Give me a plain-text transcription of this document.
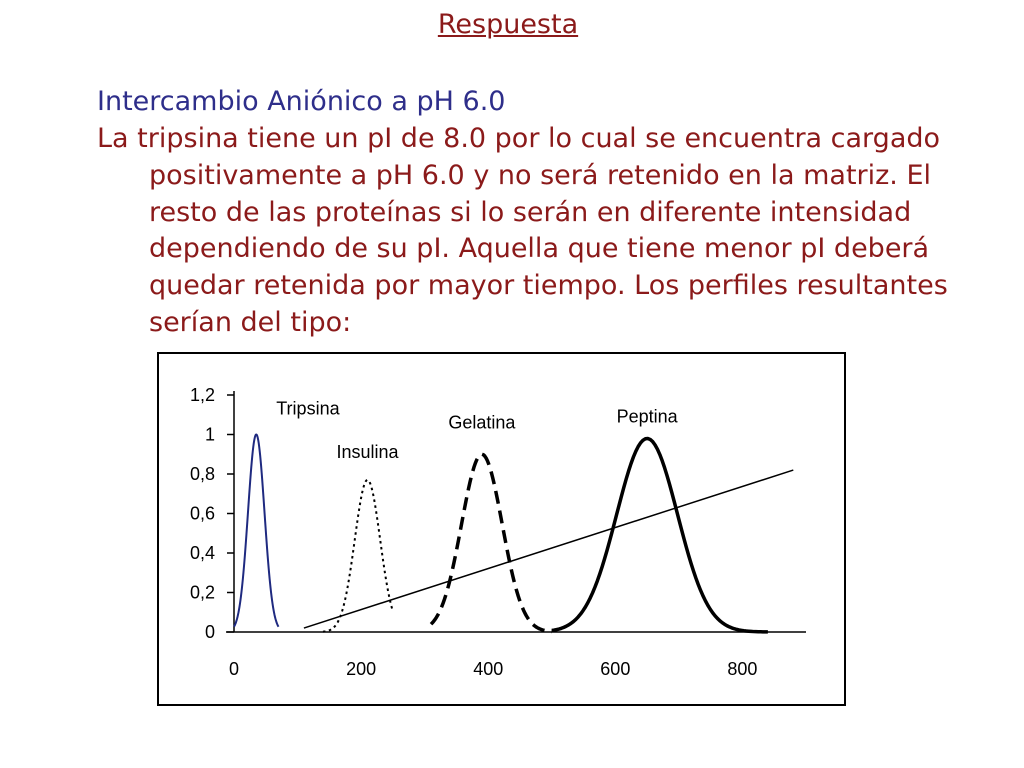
Respuesta
Intercambio Aniónico a pH 6.0

La tripsina tiene un pI de 8.0 por lo cual se encuentra cargado positivamente a pH 6.0 y no será retenido en la matriz. El resto de las proteínas si lo serán en diferente intensidad dependiendo de su pI. Aquella que tiene menor pI deberá quedar retenida por mayor tiempo. Los perfiles resultantes serían del tipo:

0
0,2
0,4
0,6
0,8
1
1,2
0	200	400	600	800
Tripsina
Insulina
Gelatina	Peptina
